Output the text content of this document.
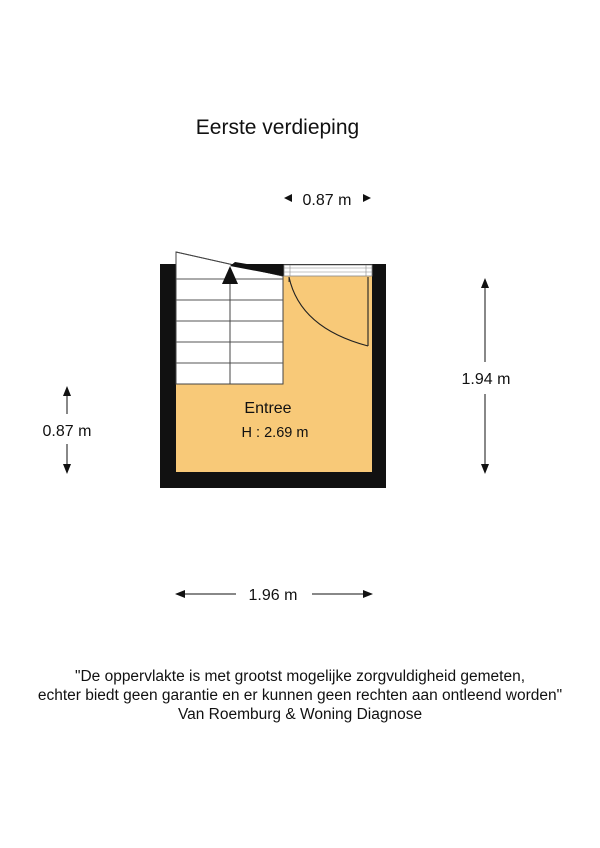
Eerste verdieping
Entree
H : 2.69 m
0.87 m
1.94 m
0.87 m
1.96 m
"De oppervlakte is met grootst mogelijke zorgvuldigheid gemeten,
echter biedt geen garantie en er kunnen geen rechten aan ontleend worden"
Van Roemburg & Woning Diagnose
